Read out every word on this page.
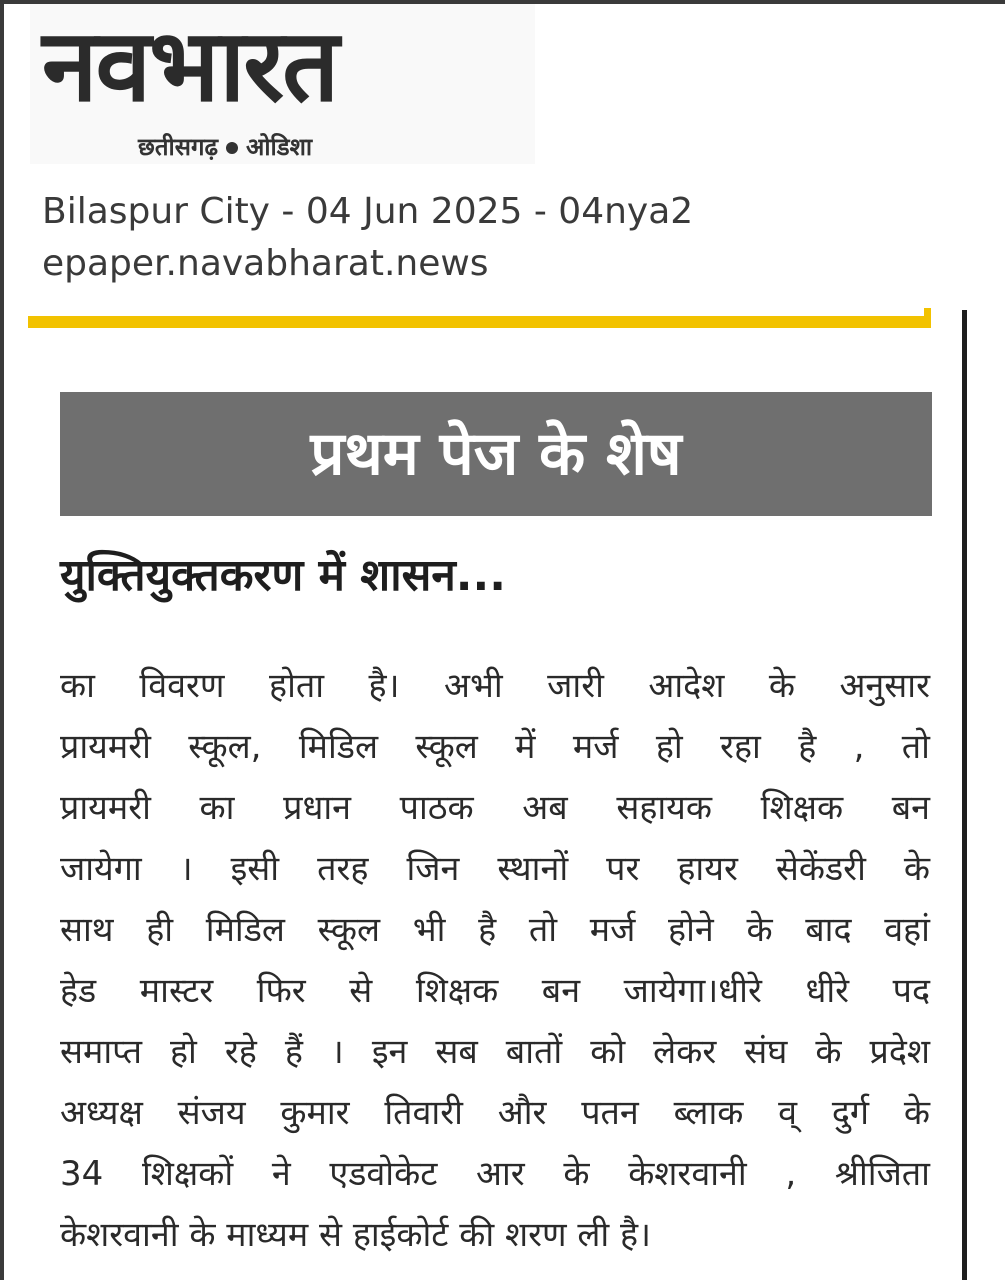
नवभारत
छतीसगढ़ ओडिशा
Bilaspur City - 04 Jun 2025 - 04nya2
epaper.navabharat.news
प्रथम पेज के शेष
युक्तियुक्तकरण में शासन...
का विवरण होता है। अभी जारी आदेश के अनुसार
प्रायमरी स्कूल, मिडिल स्कूल में मर्ज हो रहा है , तो
प्रायमरी का प्रधान पाठक अब सहायक शिक्षक बन
जायेगा । इसी तरह जिन स्थानों पर हायर सेकेंडरी के
साथ ही मिडिल स्कूल भी है तो मर्ज होने के बाद वहां
हेड मास्टर फिर से शिक्षक बन जायेगा।धीरे धीरे पद
समाप्त हो रहे हैं । इन सब बातों को लेकर संघ के प्रदेश
अध्यक्ष संजय कुमार तिवारी और पतन ब्लाक व् दुर्ग के
34 शिक्षकों ने एडवोकेट आर के केशरवानी , श्रीजिता
केशरवानी के माध्यम से हाईकोर्ट की शरण ली है।
